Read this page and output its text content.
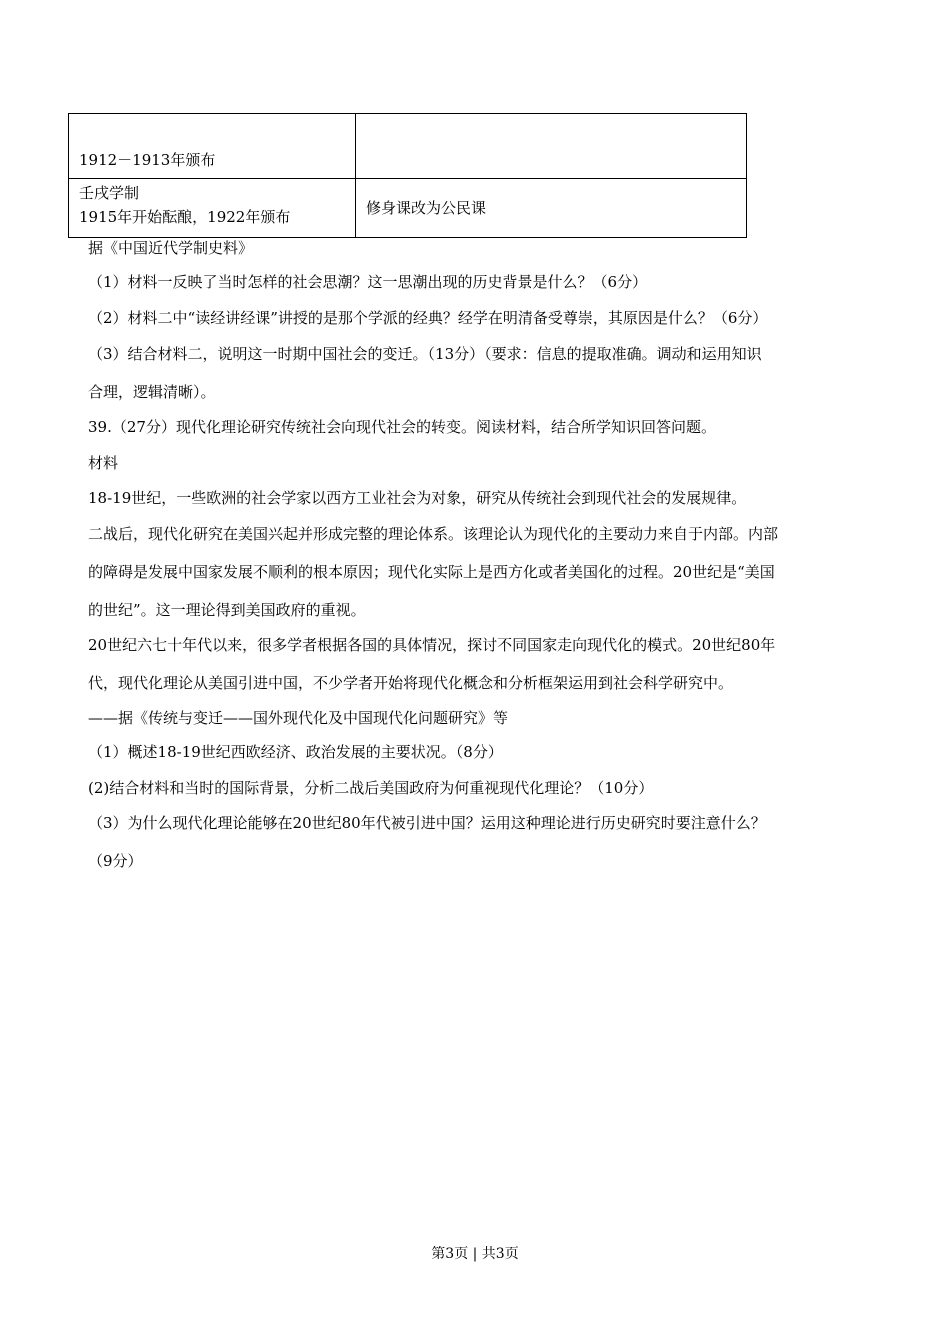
1912－1913年颁布	

壬戌学制
1915年开始酝酿，1922年颁布	修身课改为公民课
据《中国近代学制史料》
（1）材料一反映了当时怎样的社会思潮？这一思潮出现的历史背景是什么？（6分）
（2）材料二中“读经讲经课”讲授的是那个学派的经典？经学在明清备受尊崇，其原因是什么？（6分）
（3）结合材料二，说明这一时期中国社会的变迁。（13分）（要求：信息的提取准确。调动和运用知识
合理，逻辑清晰）。
39.（27分）现代化理论研究传统社会向现代社会的转变。阅读材料，结合所学知识回答问题。
材料
18-19世纪，一些欧洲的社会学家以西方工业社会为对象，研究从传统社会到现代社会的发展规律。
二战后，现代化研究在美国兴起并形成完整的理论体系。该理论认为现代化的主要动力来自于内部。内部
的障碍是发展中国家发展不顺利的根本原因；现代化实际上是西方化或者美国化的过程。20世纪是“美国
的世纪”。这一理论得到美国政府的重视。
20世纪六七十年代以来，很多学者根据各国的具体情况，探讨不同国家走向现代化的模式。20世纪80年
代，现代化理论从美国引进中国，不少学者开始将现代化概念和分析框架运用到社会科学研究中。
——据《传统与变迁——国外现代化及中国现代化问题研究》等
（1）概述18-19世纪西欧经济、政治发展的主要状况。（8分）
(2)结合材料和当时的国际背景，分析二战后美国政府为何重视现代化理论？（10分）
（3）为什么现代化理论能够在20世纪80年代被引进中国？运用这种理论进行历史研究时要注意什么？
（9分）
第3页 | 共3页
